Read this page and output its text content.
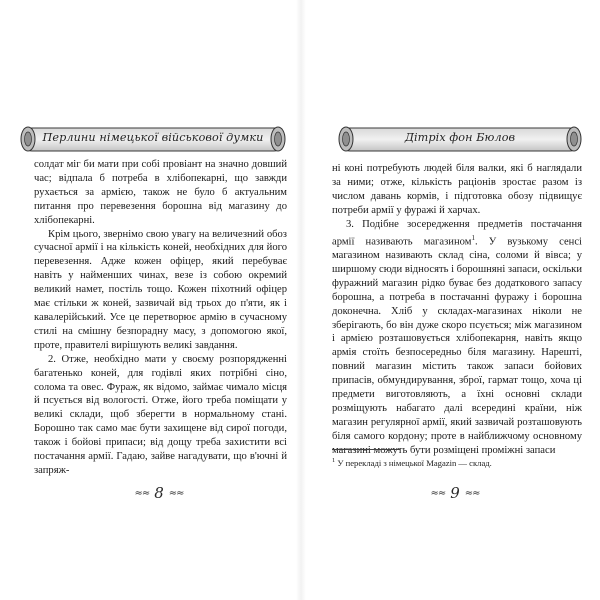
Перлини німецької військової думки

солдат міг би мати при собі провіант на значно довший час; відпала б потреба в хлібопекарні, що завжди рухається за армією, також не було б актуальним питання про перевезення борошна від магазину до хлібопекарні.

Крім цього, звернімо свою увагу на величезний обоз сучасної армії і на кількість коней, необхідних для його перевезення. Адже кожен офіцер, який перебуває навіть у найменших чинах, везе із собою окремий великий намет, постіль тощо. Кожен піхотний офіцер має стільки ж коней, зазвичай від трьох до п'яти, як і кавалерійський. Усе це перетворює армію в сучасному стилі на смішну безпорадну масу, з допомогою якої, проте, правителі вирішують великі завдання.

2. Отже, необхідно мати у своєму розпорядженні багатенько коней, для годівлі яких потрібні сіно, солома та овес. Фураж, як відомо, займає чимало місця й псується від вологості. Отже, його треба поміщати у великі склади, щоб зберегти в нормальному стані. Борошно так само має бути захищене від сирої погоди, також і бойові припаси; від дощу треба захистити всі постачання армії. Гадаю, зайве нагадувати, що в'ючні й запряж-

≈≈ 8 ≈≈
Дітріх фон Бюлов

ні коні потребують людей біля валки, які б наглядали за ними; отже, кількість раціонів зростає разом із числом давань кормів, і підготовка обозу підвищує потреби армії у фуражі й харчах.

3. Подібне зосередження предметів постачання армії називають магазином$^1$. У вузькому сенсі магазином називають склад сіна, соломи й вівса; у ширшому сюди відносять і борошняні запаси, оскільки фуражний магазин рідко буває без додаткового запасу борошна, а потреба в постачанні фуражу і борошна доконечна. Хліб у складах-магазинах ніколи не зберігають, бо він дуже скоро псується; між магазином і армією розташовується хлібопекарня, навіть якщо армія стоїть безпосередньо біля магазину. Нарешті, повний магазин містить також запаси бойових припасів, обмундирування, зброї, гармат тощо, хоча ці предмети виготовляють, а їхні основні склади розміщують набагато далі всередині країни, ніж магазин регулярної армії, який зазвичай розташовують біля самого кордону; проте в найближчому основному магазині можуть бути розміщені проміжні запаси

$^1$ У перекладі з німецької Magazin — склад.
≈≈ 9 ≈≈
